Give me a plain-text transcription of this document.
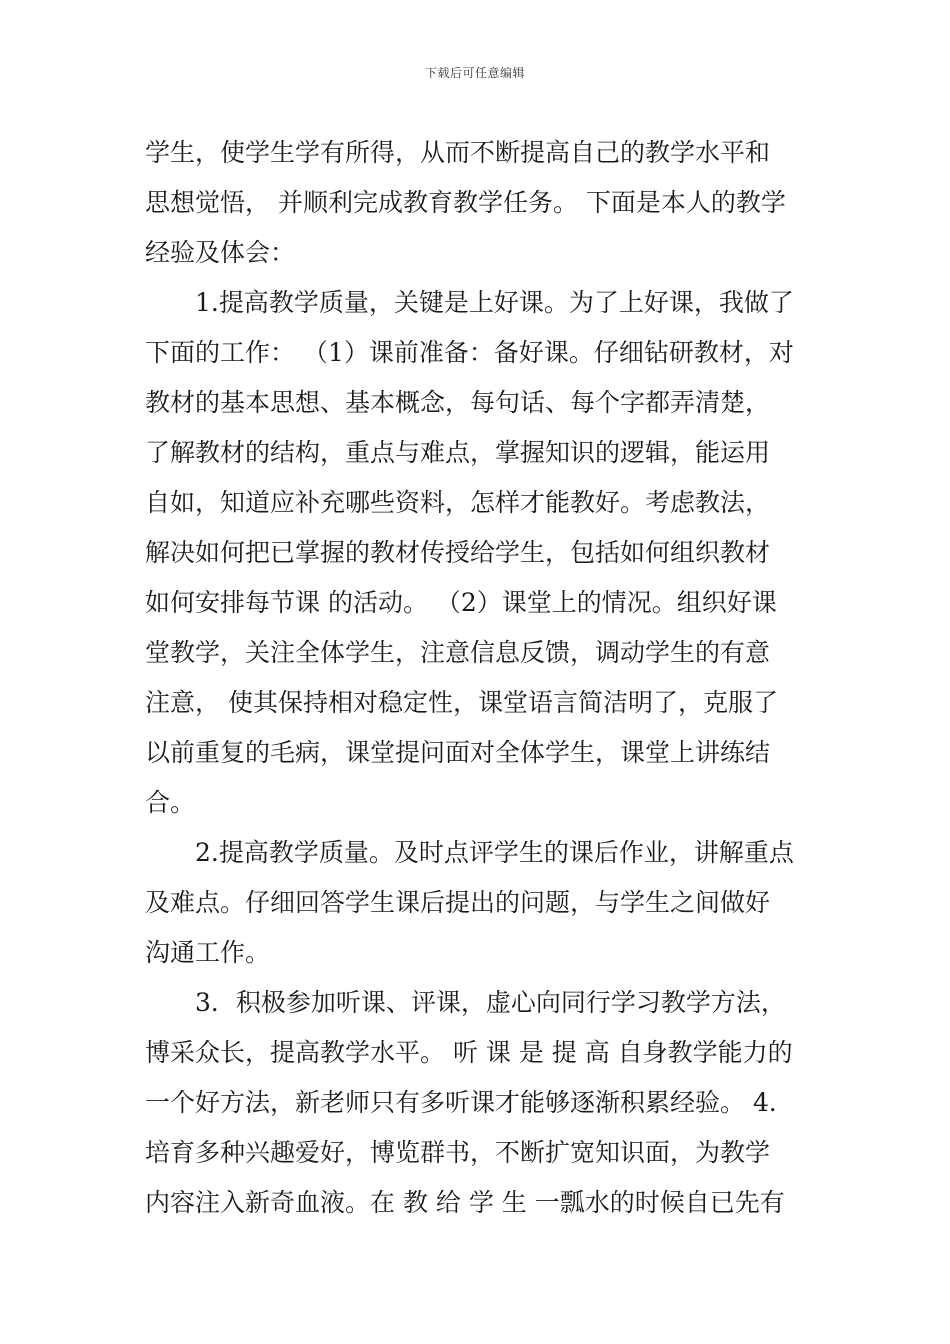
下载后可任意编辑
学生，使学生学有所得，从而不断提高自己的教学水平和
思想觉悟， 并顺利完成教育教学任务。 下面是本人的教学
经验及体会：
1.提高教学质量，关键是上好课。为了上好课，我做了
下面的工作： （1）课前准备：备好课。仔细钻研教材，对
教材的基本思想、基本概念，每句话、每个字都弄清楚，
了解教材的结构，重点与难点，掌握知识的逻辑，能运用
自如，知道应补充哪些资料，怎样才能教好。考虑教法，
解决如何把已掌握的教材传授给学生，包括如何组织教材
如何安排每节课 的活动。 （2）课堂上的情况。组织好课
堂教学，关注全体学生，注意信息反馈，调动学生的有意
注意， 使其保持相对稳定性，课堂语言简洁明了，克服了
以前重复的毛病，课堂提问面对全体学生，课堂上讲练结
合。
2.提高教学质量。及时点评学生的课后作业，讲解重点
及难点。仔细回答学生课后提出的问题，与学生之间做好
沟通工作。
3．积极参加听课、评课，虚心向同行学习教学方法，
博采众长，提高教学水平。 听 课 是 提 高 自身教学能力的
一个好方法，新老师只有多听课才能够逐渐积累经验。 4．
培育多种兴趣爱好，博览群书，不断扩宽知识面，为教学
内容注入新奇血液。在 教 给 学 生 一瓢水的时候自已先有
